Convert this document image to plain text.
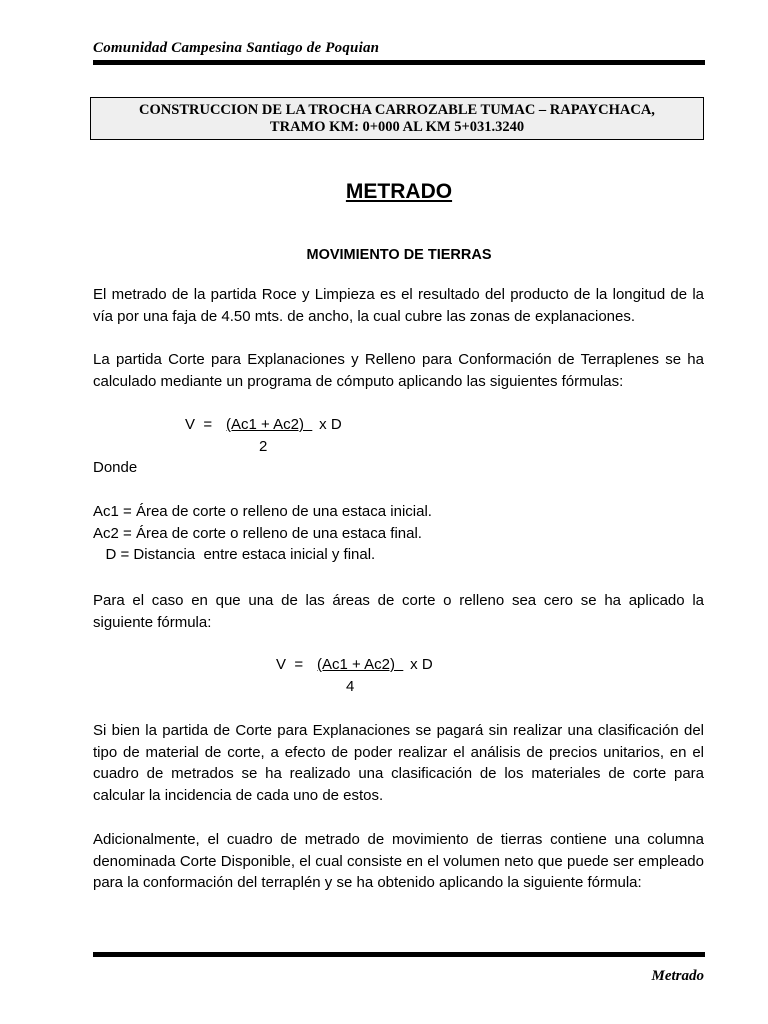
Comunidad Campesina Santiago de Poquian

CONSTRUCCION DE LA TROCHA CARROZABLE TUMAC – RAPAYCHACA,
TRAMO KM: 0+000 AL KM 5+031.3240
METRADO
MOVIMIENTO DE TIERRAS

El metrado de la partida Roce y Limpieza es el resultado del producto de la longitud de la vía por una faja de 4.50 mts. de ancho, la cual cubre las zonas de explanaciones.

La partida Corte para Explanaciones y Relleno para Conformación de Terraplenes se ha calculado mediante un programa de cómputo aplicando las siguientes fórmulas:

V  = (Ac1 + Ac2) x D
2

Donde

Ac1 = Área de corte o relleno de una estaca inicial.

Ac2 = Área de corte o relleno de una estaca final.

D = Distancia  entre estaca inicial y final.

Para el caso en que una de las áreas de corte o relleno sea cero se ha aplicado la siguiente fórmula:

V  = (Ac1 + Ac2) x D
4

Si bien la partida de Corte para Explanaciones se pagará sin realizar una clasificación del tipo de material de corte, a efecto de poder realizar el análisis de precios unitarios, en el cuadro de metrados se ha realizado una clasificación de los materiales de corte para calcular la incidencia de cada uno de estos.

Adicionalmente, el cuadro de metrado de movimiento de tierras contiene una columna denominada Corte Disponible, el cual consiste en el volumen neto que puede ser empleado para la conformación del terraplén y se ha obtenido aplicando la siguiente fórmula:

Metrado
